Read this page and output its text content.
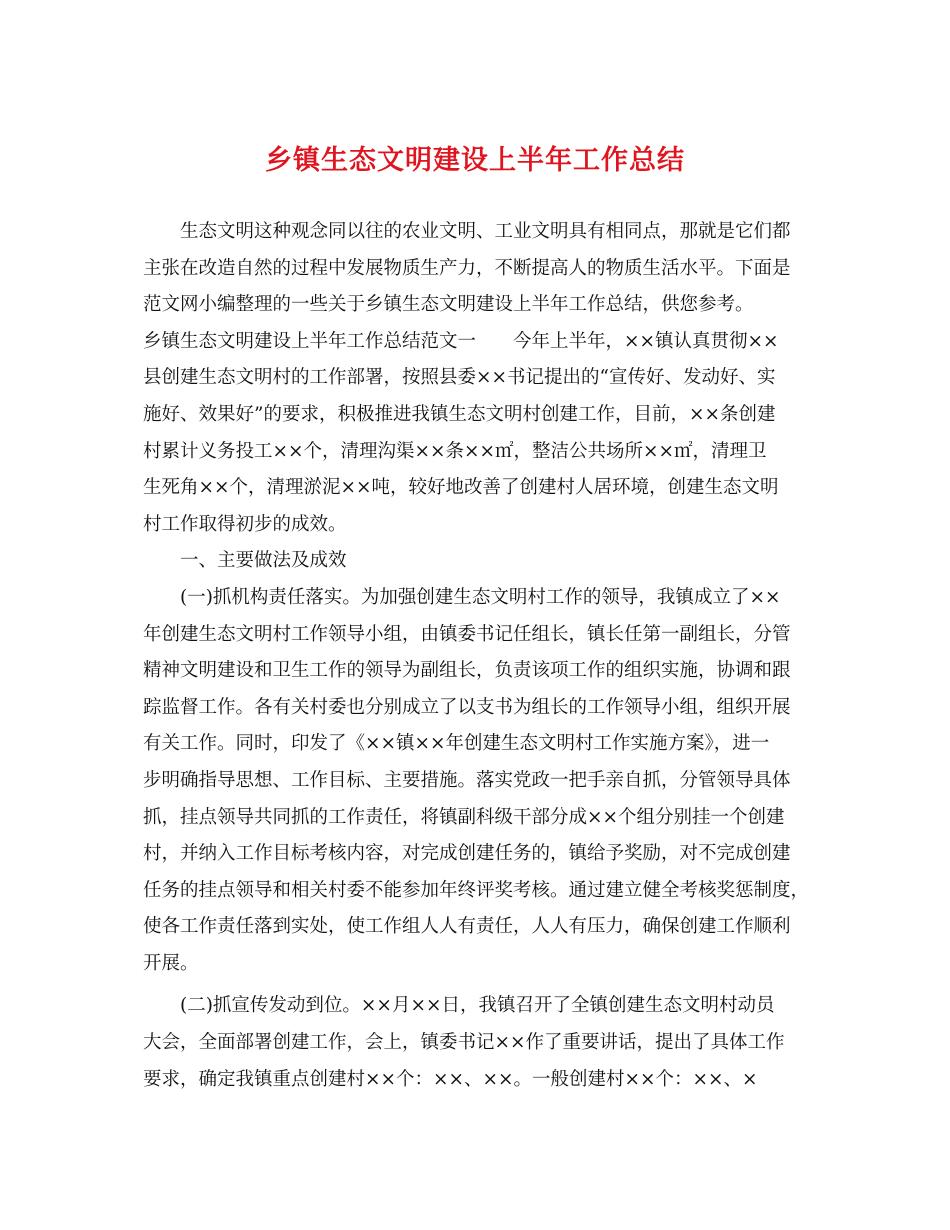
乡镇生态文明建设上半年工作总结
生态文明这种观念同以往的农业文明、工业文明具有相同点，那就是它们都
主张在改造自然的过程中发展物质生产力，不断提高人的物质生活水平。下面是
范文网小编整理的一些关于乡镇生态文明建设上半年工作总结，供您参考。
乡镇生态文明建设上半年工作总结范文一 今年上半年，××镇认真贯彻××
县创建生态文明村的工作部署，按照县委××书记提出的“宣传好、发动好、实
施好、效果好”的要求，积极推进我镇生态文明村创建工作，目前，××条创建
村累计义务投工××个，清理沟渠××条××㎡，整洁公共场所××㎡，清理卫
生死角××个，清理淤泥××吨，较好地改善了创建村人居环境，创建生态文明
村工作取得初步的成效。
一、主要做法及成效
(一)抓机构责任落实。为加强创建生态文明村工作的领导，我镇成立了××
年创建生态文明村工作领导小组，由镇委书记任组长，镇长任第一副组长，分管
精神文明建设和卫生工作的领导为副组长，负责该项工作的组织实施，协调和跟
踪监督工作。各有关村委也分别成立了以支书为组长的工作领导小组，组织开展
有关工作。同时，印发了《××镇××年创建生态文明村工作实施方案》，进一
步明确指导思想、工作目标、主要措施。落实党政一把手亲自抓，分管领导具体
抓，挂点领导共同抓的工作责任，将镇副科级干部分成××个组分别挂一个创建
村，并纳入工作目标考核内容，对完成创建任务的，镇给予奖励，对不完成创建
任务的挂点领导和相关村委不能参加年终评奖考核。通过建立健全考核奖惩制度，
使各工作责任落到实处，使工作组人人有责任，人人有压力，确保创建工作顺利
开展。
(二)抓宣传发动到位。××月××日，我镇召开了全镇创建生态文明村动员
大会，全面部署创建工作，会上，镇委书记××作了重要讲话，提出了具体工作
要求，确定我镇重点创建村××个：××、××。一般创建村××个：××、×
